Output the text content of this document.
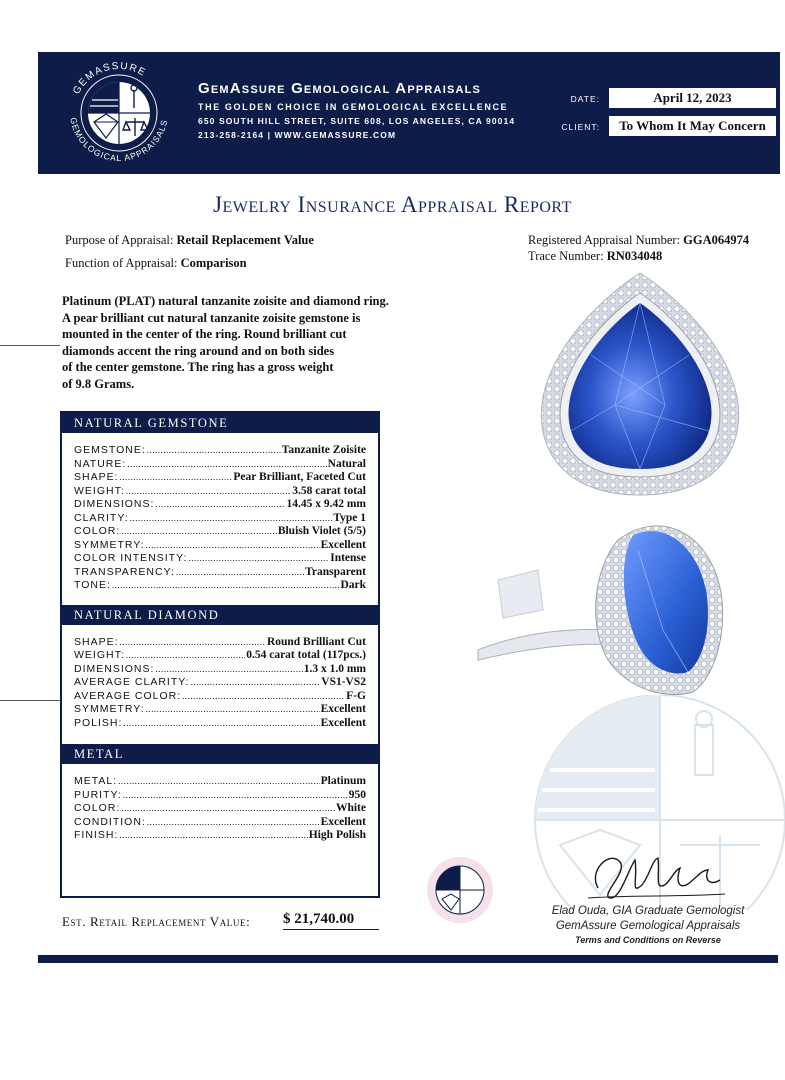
GEMASSURE
GEMOLOGICAL APPRAISALS
GemAssure Gemological Appraisals
THE GOLDEN CHOICE IN GEMOLOGICAL EXCELLENCE
650 SOUTH HILL STREET, SUITE 608, LOS ANGELES, CA 90014
213-258-2164 | WWW.GEMASSURE.COM
DATE:	April 12, 2023
CLIENT:	To Whom It May Concern
Jewelry Insurance Appraisal Report
Purpose of Appraisal: Retail Replacement Value
Function of Appraisal: Comparison
Registered Appraisal Number: GGA064974
Trace Number: RN034048
Platinum (PLAT) natural tanzanite zoisite and diamond ring.
A pear brilliant cut natural tanzanite zoisite gemstone is
mounted in the center of the ring. Round brilliant cut
diamonds accent the ring around and on both sides
of the center gemstone. The ring has a gross weight
of 9.8 Grams.
NATURAL GEMSTONE
GEMSTONE: .....	Tanzanite Zoisite
NATURE: .....	Natural
SHAPE: .....	Pear Brilliant, Faceted Cut
WEIGHT: .....	3.58 carat total
DIMENSIONS: .....	14.45 x 9.42 mm
CLARITY: .....	Type 1
COLOR: .....	Bluish Violet (5/5)
SYMMETRY: .....	Excellent
COLOR INTENSITY: .....	Intense
TRANSPARENCY: .....	Transparent
TONE: .....	Dark
NATURAL DIAMOND
SHAPE: .....	Round Brilliant Cut
WEIGHT: .....	0.54 carat total (117pcs.)
DIMENSIONS: .....	1.3 x 1.0 mm
AVERAGE CLARITY: .....	VS1-VS2
AVERAGE COLOR: .....	F-G
SYMMETRY: .....	Excellent
POLISH: .....	Excellent
METAL
METAL: .....	Platinum
PURITY: .....	950
COLOR: .....	White
CONDITION: .....	Excellent
FINISH: .....	High Polish
Elad Ouda, GIA Graduate Gemologist
GemAssure Gemological Appraisals
Terms and Conditions on Reverse
Est. Retail Replacement Value: $ 21,740.00
